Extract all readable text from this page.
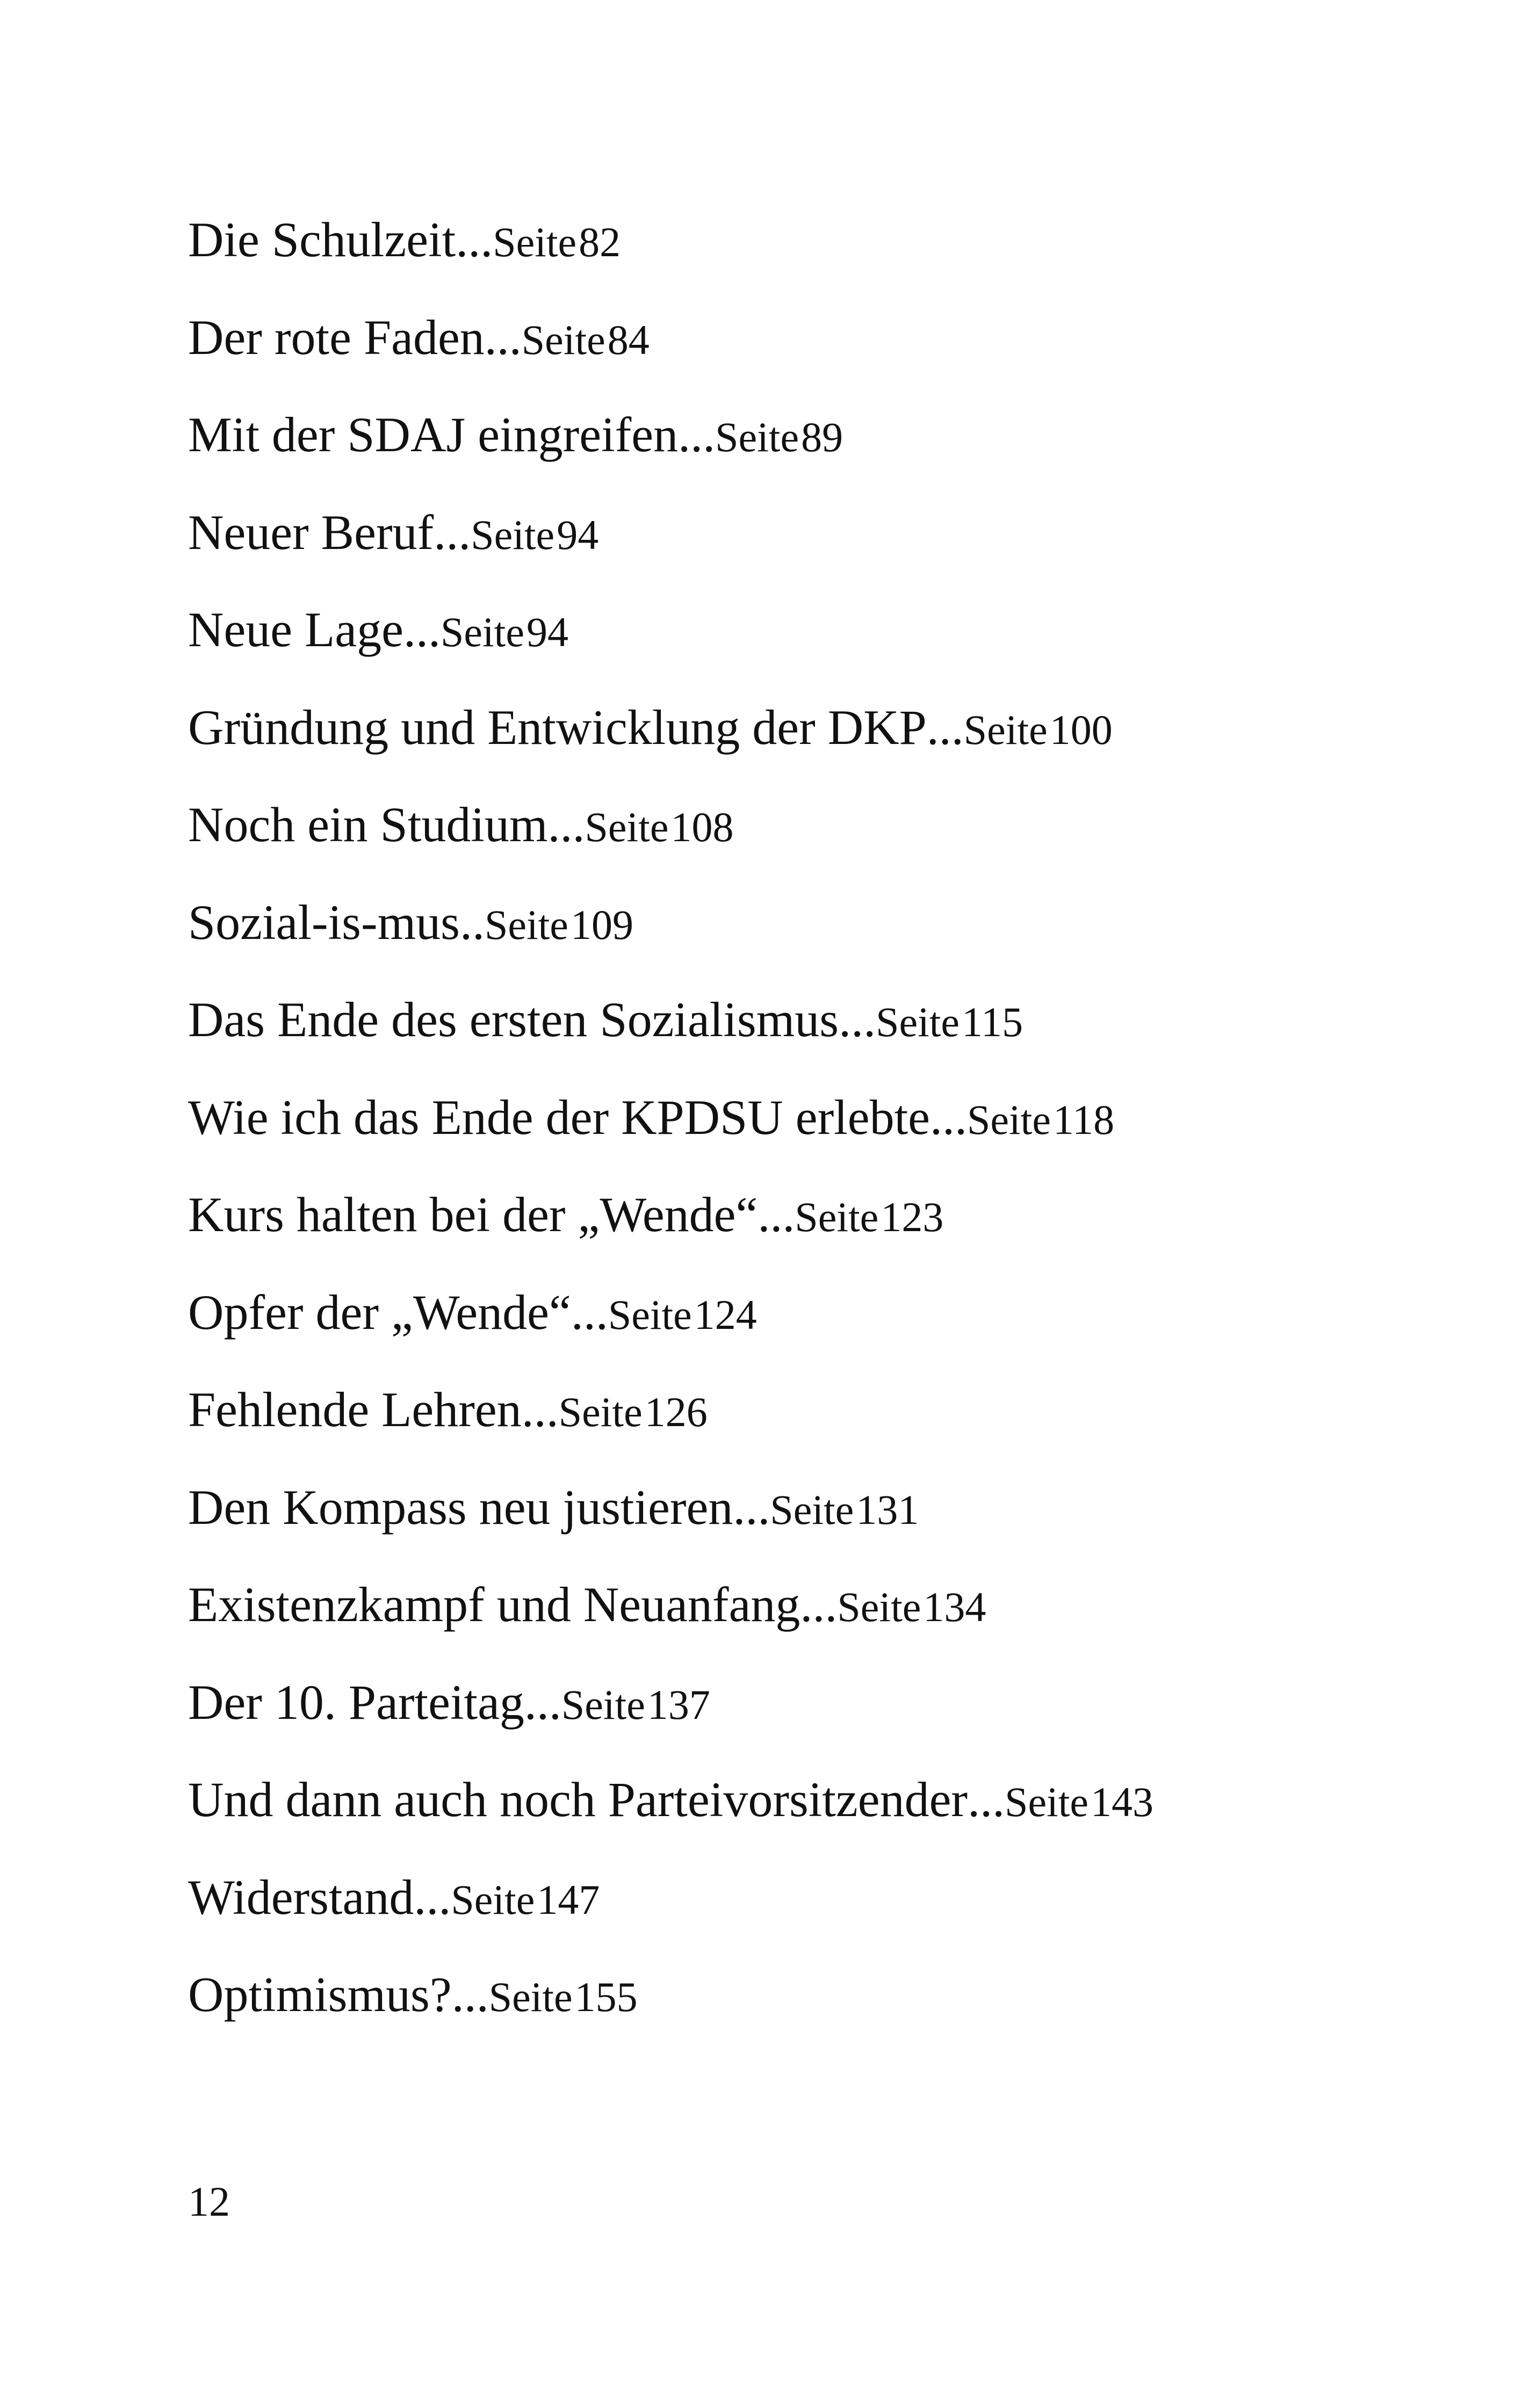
Die Schulzeit ... Seite
82
Der rote Faden ... Seite
84
Mit der SDAJ eingreifen ... Seite
89
Neuer Beruf ... Seite
94
Neue Lage ... Seite
94
Gründung und Entwicklung der DKP ... Seite
100
Noch ein Studium ... Seite
108
Sozial-is-mus .. Seite
109
Das Ende des ersten Sozialismus ... Seite
115
Wie ich das Ende der KPDSU erlebte ... Seite
118
Kurs halten bei der „Wende“ ... Seite
123
Opfer der „Wende“ ... Seite
124
Fehlende Lehren ... Seite
126
Den Kompass neu justieren ... Seite
131
Existenzkampf und Neuanfang ... Seite
134
Der 10. Parteitag ... Seite
137
Und dann auch noch Parteivorsitzender ... Seite
143
Widerstand ... Seite
147
Optimismus? ... Seite
155
12
